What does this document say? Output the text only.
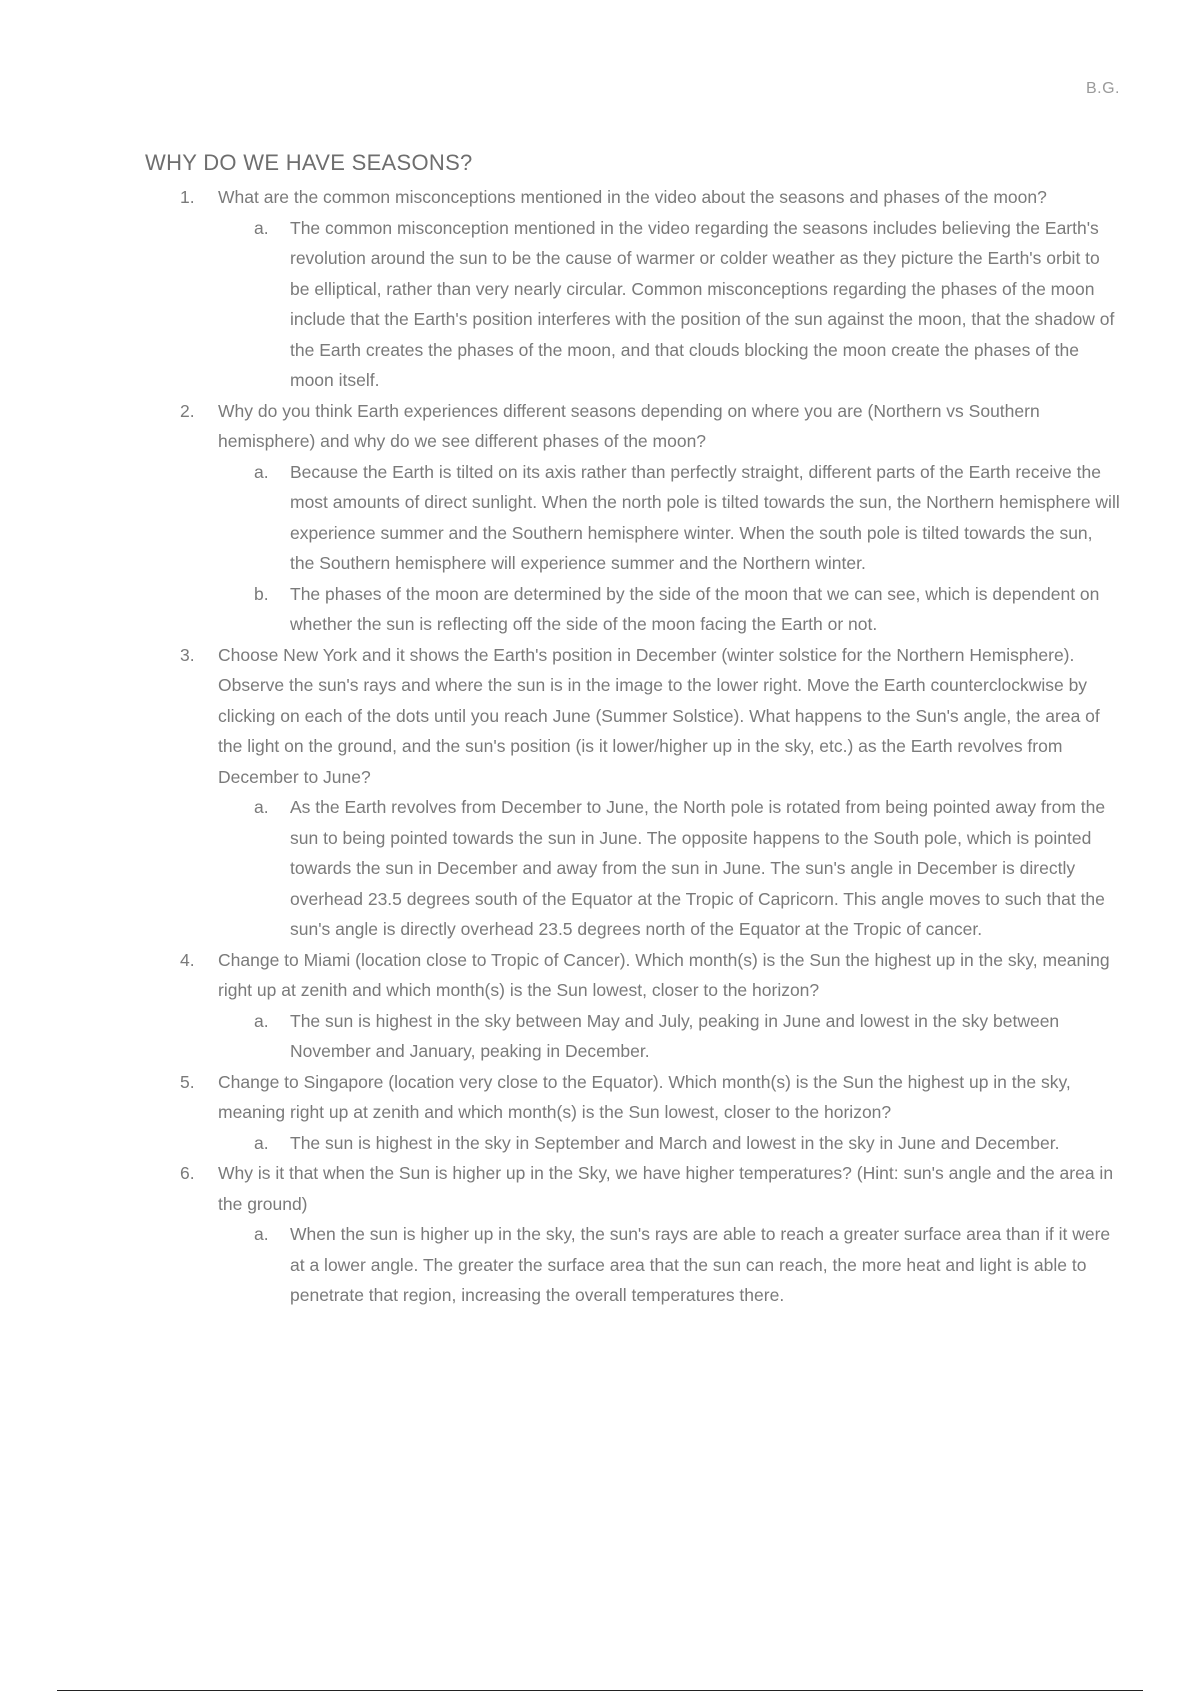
B.G.
WHY DO WE HAVE SEASONS?
1. What are the common misconceptions mentioned in the video about the seasons and phases of the moon?
a. The common misconception mentioned in the video regarding the seasons includes believing the Earth's revolution around the sun to be the cause of warmer or colder weather as they picture the Earth's orbit to be elliptical, rather than very nearly circular. Common misconceptions regarding the phases of the moon include that the Earth's position interferes with the position of the sun against the moon, that the shadow of the Earth creates the phases of the moon, and that clouds blocking the moon create the phases of the moon itself.
2. Why do you think Earth experiences different seasons depending on where you are (Northern vs Southern hemisphere) and why do we see different phases of the moon?
a. Because the Earth is tilted on its axis rather than perfectly straight, different parts of the Earth receive the most amounts of direct sunlight. When the north pole is tilted towards the sun, the Northern hemisphere will experience summer and the Southern hemisphere winter. When the south pole is tilted towards the sun, the Southern hemisphere will experience summer and the Northern winter.
b. The phases of the moon are determined by the side of the moon that we can see, which is dependent on whether the sun is reflecting off the side of the moon facing the Earth or not.
3. Choose New York and it shows the Earth's position in December (winter solstice for the Northern Hemisphere). Observe the sun's rays and where the sun is in the image to the lower right. Move the Earth counterclockwise by clicking on each of the dots until you reach June (Summer Solstice). What happens to the Sun's angle, the area of the light on the ground, and the sun's position (is it lower/higher up in the sky, etc.) as the Earth revolves from December to June?
a. As the Earth revolves from December to June, the North pole is rotated from being pointed away from the sun to being pointed towards the sun in June. The opposite happens to the South pole, which is pointed towards the sun in December and away from the sun in June. The sun's angle in December is directly overhead 23.5 degrees south of the Equator at the Tropic of Capricorn. This angle moves to such that the sun's angle is directly overhead 23.5 degrees north of the Equator at the Tropic of cancer.
4. Change to Miami (location close to Tropic of Cancer). Which month(s) is the Sun the highest up in the sky, meaning right up at zenith and which month(s) is the Sun lowest, closer to the horizon?
a. The sun is highest in the sky between May and July, peaking in June and lowest in the sky between November and January, peaking in December.
5. Change to Singapore (location very close to the Equator). Which month(s) is the Sun the highest up in the sky, meaning right up at zenith and which month(s) is the Sun lowest, closer to the horizon?
a. The sun is highest in the sky in September and March and lowest in the sky in June and December.
6. Why is it that when the Sun is higher up in the Sky, we have higher temperatures? (Hint: sun's angle and the area in the ground)
a. When the sun is higher up in the sky, the sun's rays are able to reach a greater surface area than if it were at a lower angle. The greater the surface area that the sun can reach, the more heat and light is able to penetrate that region, increasing the overall temperatures there.
